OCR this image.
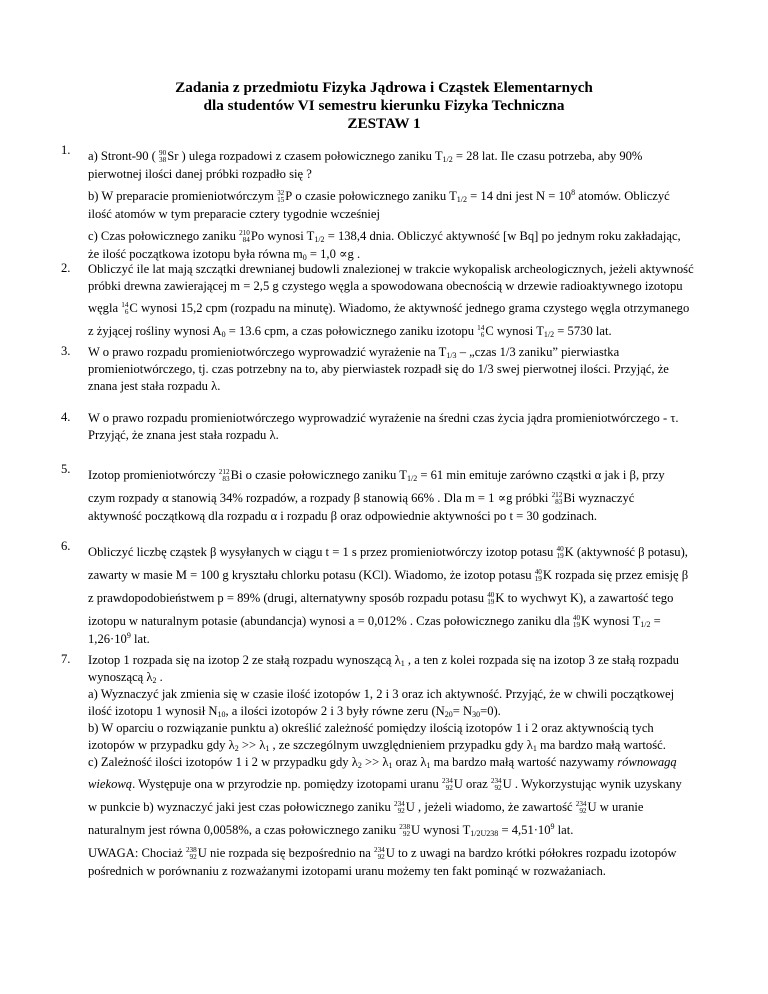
Zadania z przedmiotu Fizyka Jądrowa i Cząstek Elementarnych
dla studentów VI semestru kierunku Fizyka Techniczna
ZESTAW 1
1.	a) Stront-90 ( 90
38 Sr ) ulega rozpadowi z czasem połowicznego zaniku $T_{1/2} = 28$ lat. Ile czasu potrzeba, aby 90%
pierwotnej ilości danej próbki rozpadło się ?
b) W preparacie promieniotwórczym 32
15 P o czasie połowicznego zaniku $T_{1/2} = 14$ dni jest $N = 10^8$ atomów. Obliczyć
ilość atomów w tym preparacie cztery tygodnie wcześniej
c) Czas połowicznego zaniku 210
84 Po wynosi $T_{1/2} = 138,4$ dnia. Obliczyć aktywność [w Bq] po jednym roku zakładając,
że ilość początkowa izotopu była równa $m_0 = 1,0 \propto g$ .
2.	Obliczyć ile lat mają szczątki drewnianej budowli znalezionej w trakcie wykopalisk archeologicznych, jeżeli aktywność
próbki drewna zawierającej m = 2,5 g czystego węgla a spowodowana obecnością w drzewie radioaktywnego izotopu
węgla 14
6 C wynosi 15,2 cpm (rozpadu na minutę). Wiadomo, że aktywność jednego grama czystego węgla otrzymanego
z żyjącej rośliny wynosi $A_0 = 13.6$ cpm, a czas połowicznego zaniku izotopu 14
6 C wynosi $T_{1/2} = 5730$ lat.
3.	W o prawo rozpadu promieniotwórczego wyprowadzić wyrażenie na $T_{1/3}$ – „czas 1/3 zaniku” pierwiastka
promieniotwórczego, tj. czas potrzebny na to, aby pierwiastek rozpadł się do 1/3 swej pierwotnej ilości. Przyjąć, że
znana jest stała rozpadu λ.
4.	W o prawo rozpadu promieniotwórczego wyprowadzić wyrażenie na średni czas życia jądra promieniotwórczego - τ.
Przyjąć, że znana jest stała rozpadu λ.
5.	Izotop promieniotwórczy 212
83 Bi o czasie połowicznego zaniku $T_{1/2} = 61$ min emituje zarówno cząstki α jak i β, przy
czym rozpady α stanowią 34% rozpadów, a rozpady β stanowią 66% . Dla m = 1 ∝g próbki 212
83 Bi wyznaczyć
aktywność początkową dla rozpadu α i rozpadu β oraz odpowiednie aktywności po t = 30 godzinach.
6.	Obliczyć liczbę cząstek β wysyłanych w ciągu t = 1 s przez promieniotwórczy izotop potasu 40
19 K (aktywność β potasu),
zawarty w masie M = 100 g kryształu chlorku potasu (KCl). Wiadomo, że izotop potasu 40
19 K rozpada się przez emisję β
z prawdopodobieństwem p = 89% (drugi, alternatywny sposób rozpadu potasu 40
19 K to wychwyt K), a zawartość tego
izotopu w naturalnym potasie (abundancja) wynosi a = 0,012% . Czas połowicznego zaniku dla 40
19 K wynosi $T_{1/2}$ =
$1,26\cdot 10^9$ lat.
7.	Izotop 1 rozpada się na izotop 2 ze stałą rozpadu wynoszącą $\lambda_1$ , a ten z kolei rozpada się na izotop 3 ze stałą rozpadu
wynoszącą $\lambda_2$ .
a) Wyznaczyć jak zmienia się w czasie ilość izotopów 1, 2 i 3 oraz ich aktywność. Przyjąć, że w chwili początkowej
ilość izotopu 1 wynosił $N_{10}$, a ilości izotopów 2 i 3 były równe zeru $(N_{20}= N_{30}=0)$.
b) W oparciu o rozwiązanie punktu a) określić zależność pomiędzy ilością izotopów 1 i 2 oraz aktywnością tych
izotopów w przypadku gdy $\lambda_2 >> \lambda_1$ , ze szczególnym uwzględnieniem przypadku gdy $\lambda_1$ ma bardzo małą wartość.
c) Zależność ilości izotopów 1 i 2 w przypadku gdy $\lambda_2 >> \lambda_1$ oraz $\lambda_1$ ma bardzo małą wartość nazywamy równowagą
wiekową. Występuje ona w przyrodzie np. pomiędzy izotopami uranu 234
92 U oraz 234
92 U . Wykorzystując wynik uzyskany
w punkcie b) wyznaczyć jaki jest czas połowicznego zaniku 234
92 U , jeżeli wiadomo, że zawartość 234
92 U w uranie
naturalnym jest równa 0,0058%, a czas połowicznego zaniku 238
92 U wynosi $T_{1/2U238} = 4,51\cdot 10^9$ lat.
UWAGA: Chociaż 238
92 U nie rozpada się bezpośrednio na 234
92 U to z uwagi na bardzo krótki półokres rozpadu izotopów
pośrednich w porównaniu z rozważanymi izotopami uranu możemy ten fakt pominąć w rozważaniach.
